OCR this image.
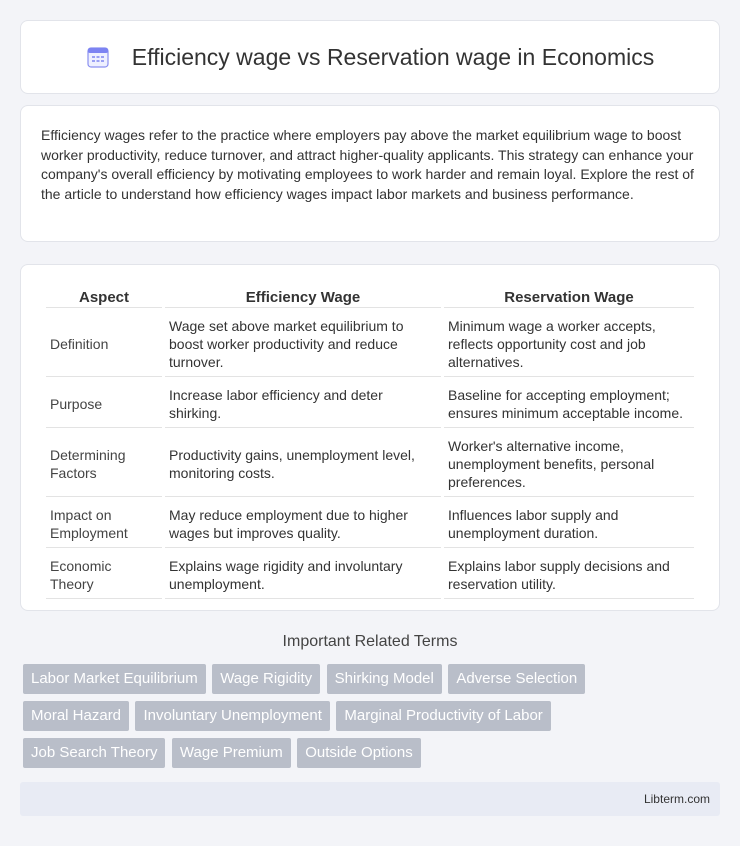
Efficiency wage vs Reservation wage in Economics

Efficiency wages refer to the practice where employers pay above the market equilibrium wage to boost worker productivity, reduce turnover, and attract higher-quality applicants. This strategy can enhance your company's overall efficiency by motivating employees to work harder and remain loyal. Explore the rest of the article to understand how efficiency wages impact labor markets and business performance.

Aspect	Efficiency Wage	Reservation Wage
Definition	Wage set above market equilibrium to boost worker productivity and reduce turnover.	Minimum wage a worker accepts, reflects opportunity cost and job alternatives.
Purpose	Increase labor efficiency and deter shirking.	Baseline for accepting employment; ensures minimum acceptable income.
Determining Factors	Productivity gains, unemployment level, monitoring costs.	Worker's alternative income, unemployment benefits, personal preferences.
Impact on Employment	May reduce employment due to higher wages but improves quality.	Influences labor supply and unemployment duration.
Economic Theory	Explains wage rigidity and involuntary unemployment.	Explains labor supply decisions and reservation utility.
Important Related Terms
Labor Market Equilibrium Wage Rigidity Shirking Model Adverse Selection
Moral Hazard Involuntary Unemployment Marginal Productivity of Labor
Job Search Theory Wage Premium Outside Options
Libterm.com
